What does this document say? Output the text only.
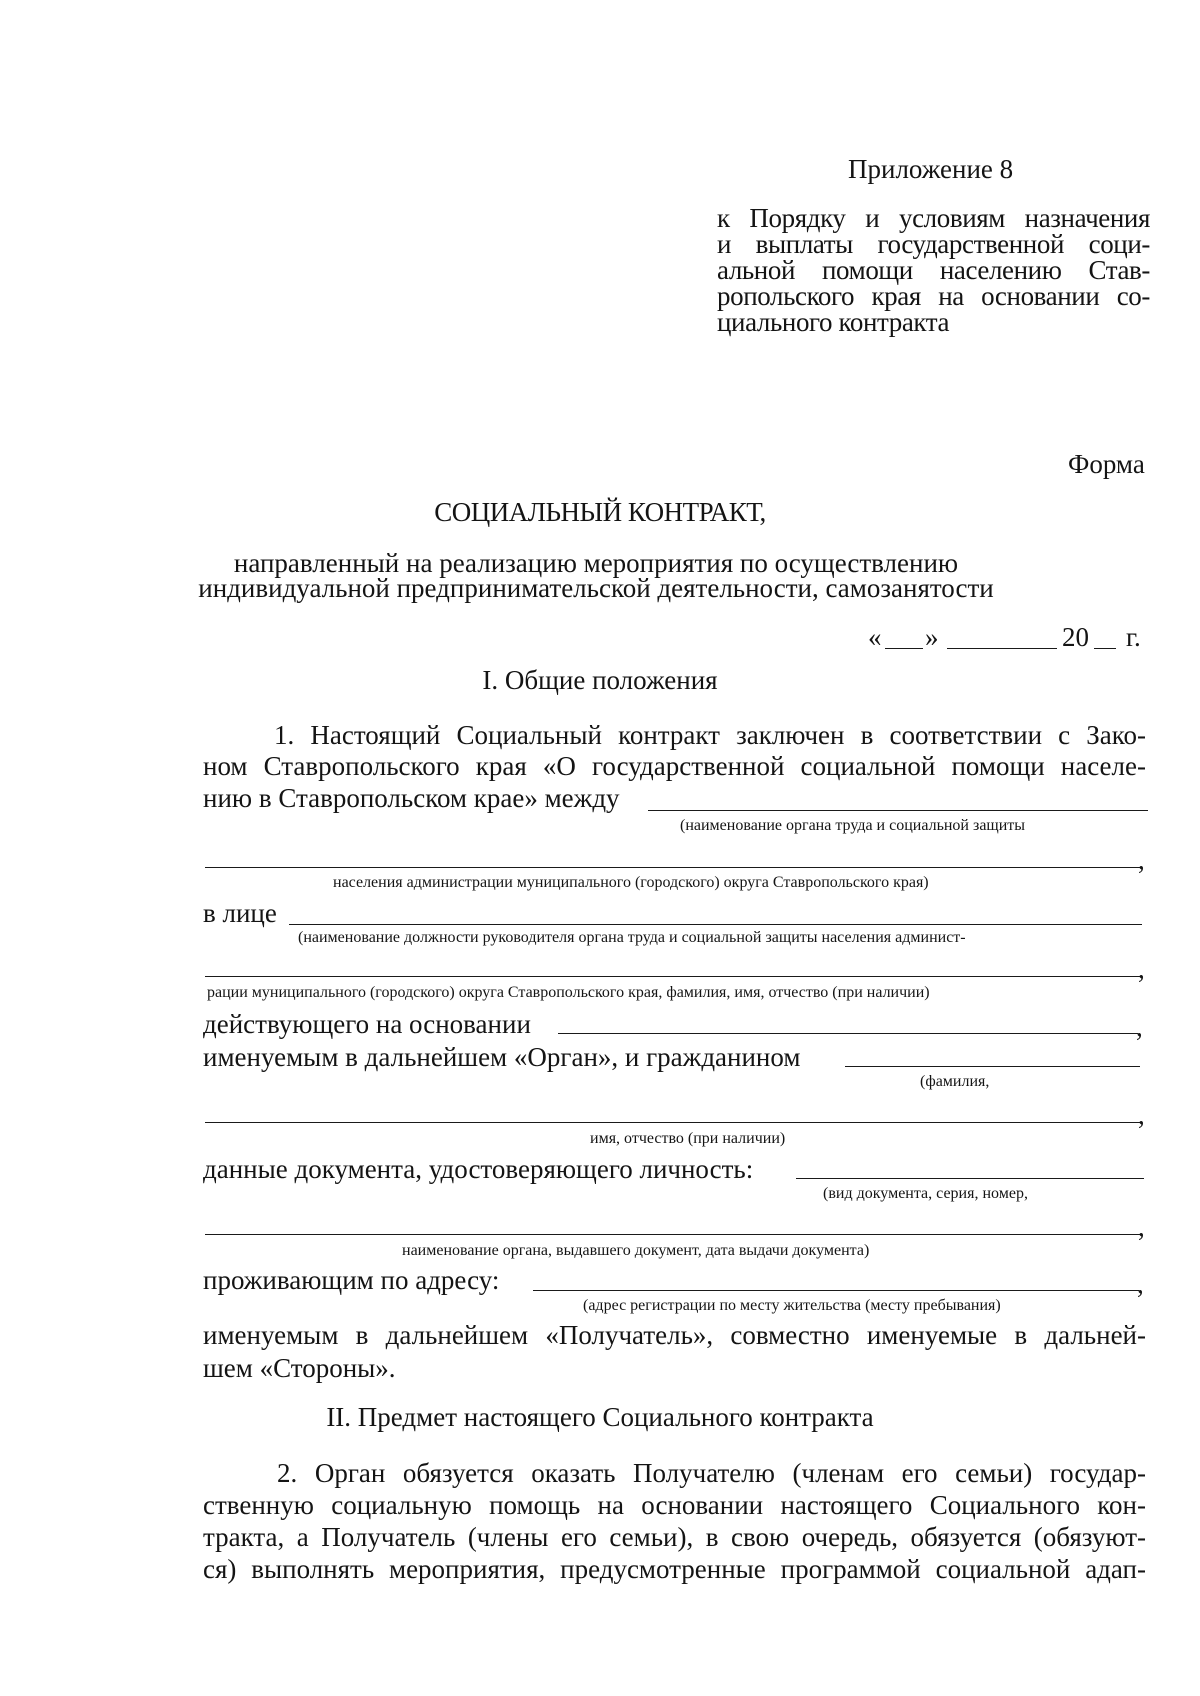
Приложение 8
к Порядку и условиям назначения
и выплаты государственной соци-
альной помощи населению Став-
ропольского края на основании со-
циального контракта
Форма
СОЦИАЛЬНЫЙ КОНТРАКТ,
направленный на реализацию мероприятия по осуществлению
индивидуальной предпринимательской деятельности, самозанятости
« »	20 г.
I. Общие положения
1. Настоящий Социальный контракт заключен в соответствии с Зако-
ном Ставропольского края «О государственной социальной помощи населе-
нию в Ставропольском крае» между
(наименование органа труда и социальной защиты
,
населения администрации муниципального (городского) округа Ставропольского края)
в лице
(наименование должности руководителя органа труда и социальной защиты населения админист-
,
рации муниципального (городского) округа Ставропольского края, фамилия, имя, отчество (при наличии)
действующего на основании	,
именуемым в дальнейшем «Орган», и гражданином
(фамилия,
,
имя, отчество (при наличии)
данные документа, удостоверяющего личность:
(вид документа, серия, номер,
,
наименование органа, выдавшего документ, дата выдачи документа)
проживающим по адресу:	,
(адрес регистрации по месту жительства (месту пребывания)
именуемым в дальнейшем «Получатель», совместно именуемые в дальней-
шем «Стороны».
II. Предмет настоящего Социального контракта
2. Орган обязуется оказать Получателю (членам его семьи) государ-
ственную социальную помощь на основании настоящего Социального кон-
тракта, а Получатель (члены его семьи), в свою очередь, обязуется (обязуют-
ся) выполнять мероприятия, предусмотренные программой социальной адап-
